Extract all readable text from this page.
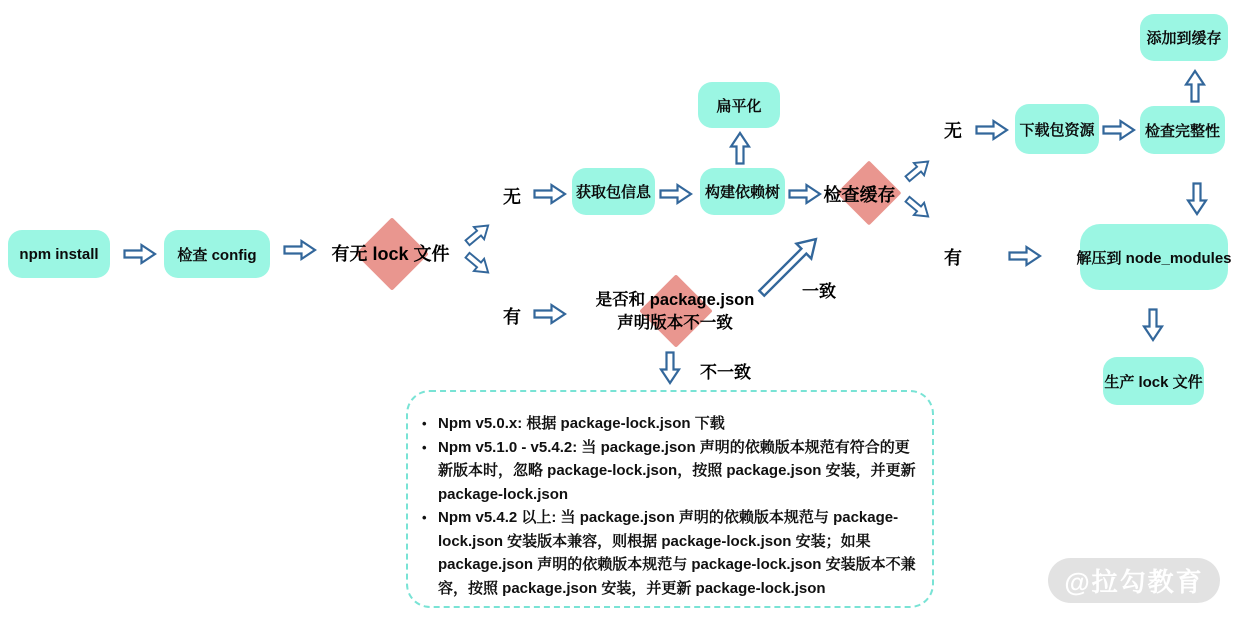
npm install	检查 config	有无 lock 文件
无	获取包信息	构建依赖树
扁平化
检查缓存
无	下载包资源	检查完整性
添加到缓存
有	解压到 node_modules
生产 lock 文件
有
是否和 package.json
声明版本不一致
一致
不一致
• Npm v5.0.x: 根据 package-lock.json 下载
• Npm v5.1.0 - v5.4.2: 当 package.json 声明的依赖版本规范有符合的更新版本时，忽略 package-lock.json，按照 package.json 安装，并更新 package-lock.json
• Npm v5.4.2 以上: 当 package.json 声明的依赖版本规范与 package-lock.json 安装版本兼容，则根据 package-lock.json 安装；如果 package.json 声明的依赖版本规范与 package-lock.json 安装版本不兼容，按照 package.json 安装，并更新 package-lock.json	@拉勾教育
